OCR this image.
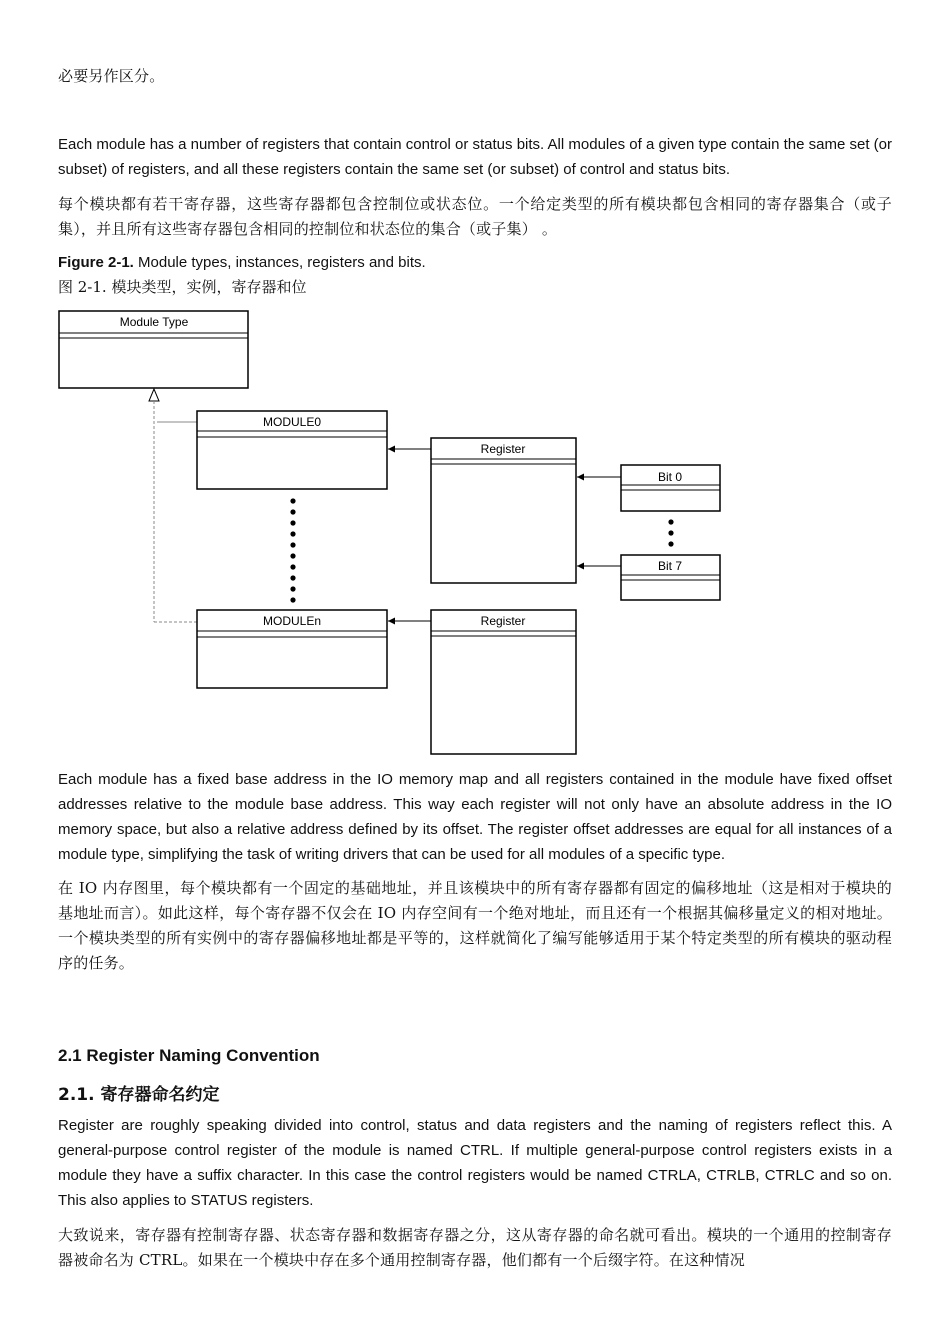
必要另作区分。

Each module has a number of registers that contain control or status bits. All modules of a given type contain the same set (or subset) of registers, and all these registers contain the same set (or subset) of control and status bits.

每个模块都有若干寄存器，这些寄存器都包含控制位或状态位。一个给定类型的所有模块都包含相同的寄存器集合（或子集），并且所有这些寄存器包含相同的控制位和状态位的集合（或子集） 。

Figure 2-1. Module types, instances, registers and bits.
图 2-1. 模块类型，实例，寄存器和位
Module Type
MODULE0
MODULEn
Register
Register
Bit 0
Bit 7

Each module has a fixed base address in the IO memory map and all registers contained in the module have fixed offset addresses relative to the module base address. This way each register will not only have an absolute address in the IO memory space, but also a relative address defined by its offset. The register offset addresses are equal for all instances of a module type, simplifying the task of writing drivers that can be used for all modules of a specific type.

在 IO 内存图里，每个模块都有一个固定的基础地址，并且该模块中的所有寄存器都有固定的偏移地址（这是相对于模块的基地址而言）。如此这样，每个寄存器不仅会在 IO 内存空间有一个绝对地址，而且还有一个根据其偏移量定义的相对地址。一个模块类型的所有实例中的寄存器偏移地址都是平等的，这样就简化了编写能够适用于某个特定类型的所有模块的驱动程序的任务。

2.1 Register Naming Convention
2.1. 寄存器命名约定

Register are roughly speaking divided into control, status and data registers and the naming of registers reflect this. A general-purpose control register of the module is named CTRL. If multiple general-purpose control registers exists in a module they have a suffix character. In this case the control registers would be named CTRLA, CTRLB, CTRLC and so on. This also applies to STATUS registers.

大致说来，寄存器有控制寄存器、状态寄存器和数据寄存器之分，这从寄存器的命名就可看出。模块的一个通用的控制寄存器被命名为 CTRL。如果在一个模块中存在多个通用控制寄存器，他们都有一个后缀字符。在这种情况
